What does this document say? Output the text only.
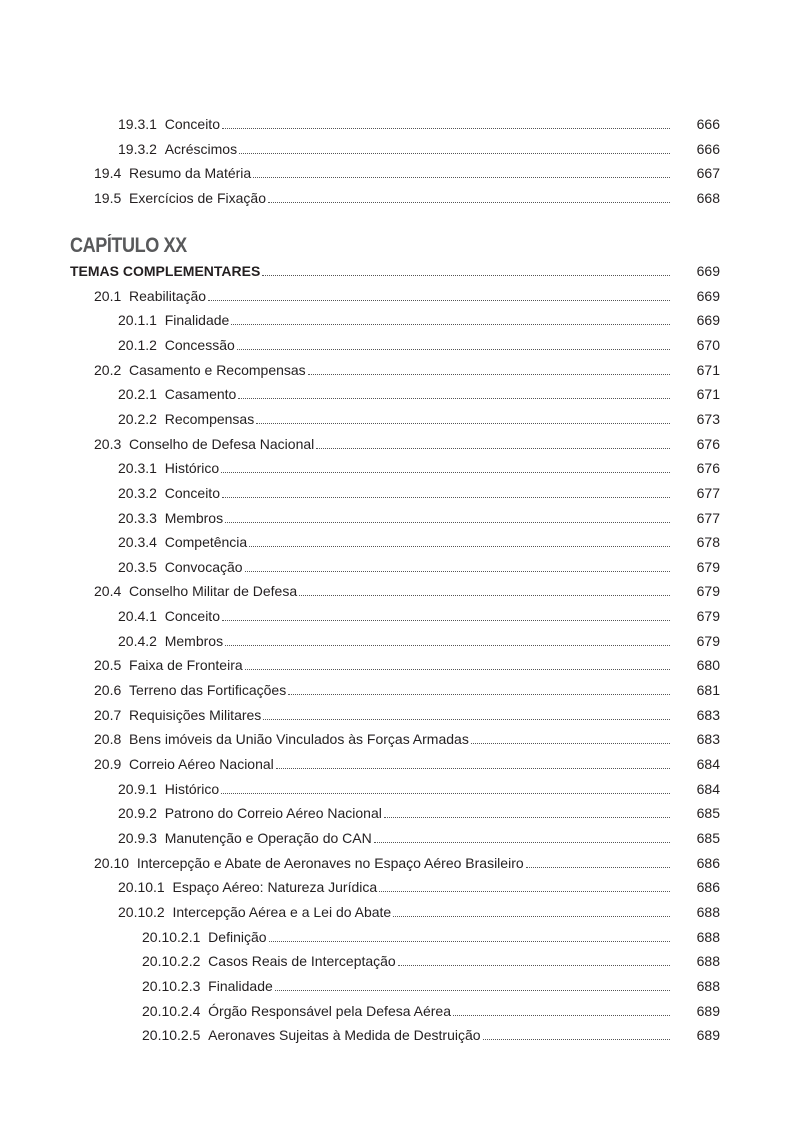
CAPÍTULO XX
19.3.1 Conceito	666
19.3.2 Acréscimos	666
19.4 Resumo da Matéria	667
19.5 Exercícios de Fixação	668
TEMAS COMPLEMENTARES	669
20.1 Reabilitação	669
20.1.1 Finalidade	669
20.1.2 Concessão	670
20.2 Casamento e Recompensas	671
20.2.1 Casamento	671
20.2.2 Recompensas	673
20.3 Conselho de Defesa Nacional	676
20.3.1 Histórico	676
20.3.2 Conceito	677
20.3.3 Membros	677
20.3.4 Competência	678
20.3.5 Convocação	679
20.4 Conselho Militar de Defesa	679
20.4.1 Conceito	679
20.4.2 Membros	679
20.5 Faixa de Fronteira	680
20.6 Terreno das Fortificações	681
20.7 Requisições Militares	683
20.8 Bens imóveis da União Vinculados às Forças Armadas	683
20.9 Correio Aéreo Nacional	684
20.9.1 Histórico	684
20.9.2 Patrono do Correio Aéreo Nacional	685
20.9.3 Manutenção e Operação do CAN	685
20.10 Intercepção e Abate de Aeronaves no Espaço Aéreo Brasileiro	686
20.10.1 Espaço Aéreo: Natureza Jurídica	686
20.10.2 Intercepção Aérea e a Lei do Abate	688
20.10.2.1 Definição	688
20.10.2.2 Casos Reais de Interceptação	688
20.10.2.3 Finalidade	688
20.10.2.4 Órgão Responsável pela Defesa Aérea	689
20.10.2.5 Aeronaves Sujeitas à Medida de Destruição	689
